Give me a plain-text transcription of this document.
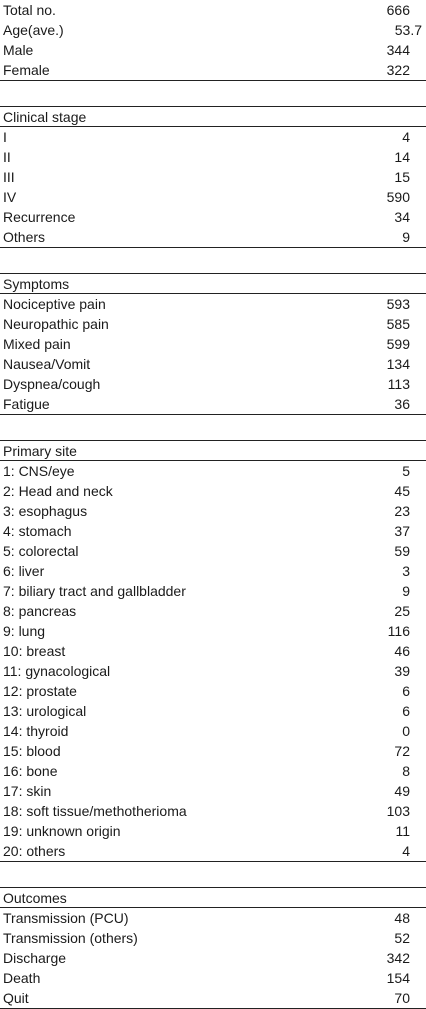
Total no.	666
Age(ave.)	53.7
Male	344
Female	322
Clinical stage
I	4
II	14
III	15
IV	590
Recurrence	34
Others	9
Symptoms
Nociceptive pain	593
Neuropathic pain	585
Mixed pain	599
Nausea/Vomit	134
Dyspnea/cough	113
Fatigue	36
Primary site
1: CNS/eye	5
2: Head and neck	45
3: esophagus	23
4: stomach	37
5: colorectal	59
6: liver	3
7: biliary tract and gallbladder	9
8: pancreas	25
9: lung	116
10: breast	46
11: gynacological	39
12: prostate	6
13: urological	6
14: thyroid	0
15: blood	72
16: bone	8
17: skin	49
18: soft tissue/methotherioma	103
19: unknown origin	11
20: others	4
Outcomes
Transmission (PCU)	48
Transmission (others)	52
Discharge	342
Death	154
Quit	70
